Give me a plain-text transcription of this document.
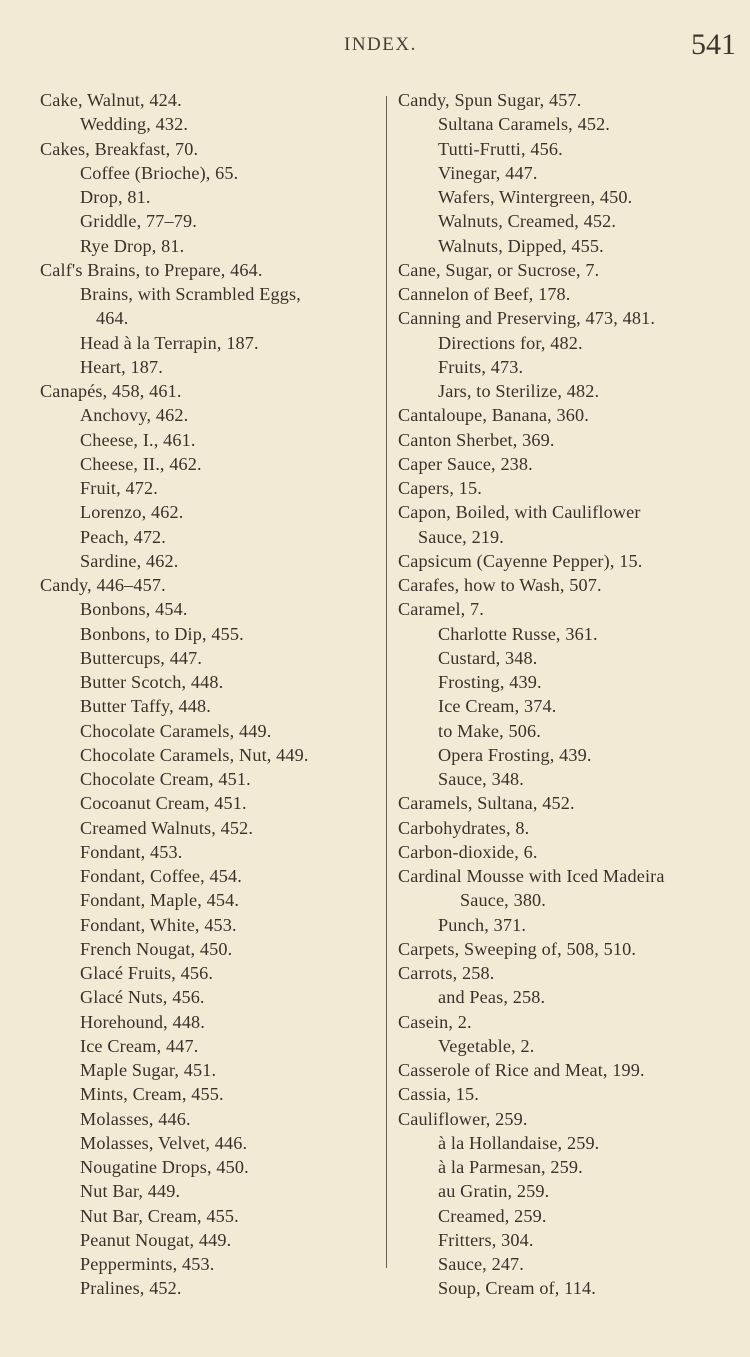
INDEX.	541
Cake, Walnut, 424.
Wedding, 432.
Cakes, Breakfast, 70.
Coffee (Brioche), 65.
Drop, 81.
Griddle, 77–79.
Rye Drop, 81.
Calf's Brains, to Prepare, 464.
Brains, with Scrambled Eggs,
464.
Head à la Terrapin, 187.
Heart, 187.
Canapés, 458, 461.
Anchovy, 462.
Cheese, I., 461.
Cheese, II., 462.
Fruit, 472.
Lorenzo, 462.
Peach, 472.
Sardine, 462.
Candy, 446–457.
Bonbons, 454.
Bonbons, to Dip, 455.
Buttercups, 447.
Butter Scotch, 448.
Butter Taffy, 448.
Chocolate Caramels, 449.
Chocolate Caramels, Nut, 449.
Chocolate Cream, 451.
Cocoanut Cream, 451.
Creamed Walnuts, 452.
Fondant, 453.
Fondant, Coffee, 454.
Fondant, Maple, 454.
Fondant, White, 453.
French Nougat, 450.
Glacé Fruits, 456.
Glacé Nuts, 456.
Horehound, 448.
Ice Cream, 447.
Maple Sugar, 451.
Mints, Cream, 455.
Molasses, 446.
Molasses, Velvet, 446.
Nougatine Drops, 450.
Nut Bar, 449.
Nut Bar, Cream, 455.
Peanut Nougat, 449.
Peppermints, 453.
Pralines, 452.
Candy, Spun Sugar, 457.
Sultana Caramels, 452.
Tutti-Frutti, 456.
Vinegar, 447.
Wafers, Wintergreen, 450.
Walnuts, Creamed, 452.
Walnuts, Dipped, 455.
Cane, Sugar, or Sucrose, 7.
Cannelon of Beef, 178.
Canning and Preserving, 473, 481.
Directions for, 482.
Fruits, 473.
Jars, to Sterilize, 482.
Cantaloupe, Banana, 360.
Canton Sherbet, 369.
Caper Sauce, 238.
Capers, 15.
Capon, Boiled, with Cauliflower
Sauce, 219.
Capsicum (Cayenne Pepper), 15.
Carafes, how to Wash, 507.
Caramel, 7.
Charlotte Russe, 361.
Custard, 348.
Frosting, 439.
Ice Cream, 374.
to Make, 506.
Opera Frosting, 439.
Sauce, 348.
Caramels, Sultana, 452.
Carbohydrates, 8.
Carbon-dioxide, 6.
Cardinal Mousse with Iced Madeira
Sauce, 380.
Punch, 371.
Carpets, Sweeping of, 508, 510.
Carrots, 258.
and Peas, 258.
Casein, 2.
Vegetable, 2.
Casserole of Rice and Meat, 199.
Cassia, 15.
Cauliflower, 259.
à la Hollandaise, 259.
à la Parmesan, 259.
au Gratin, 259.
Creamed, 259.
Fritters, 304.
Sauce, 247.
Soup, Cream of, 114.
